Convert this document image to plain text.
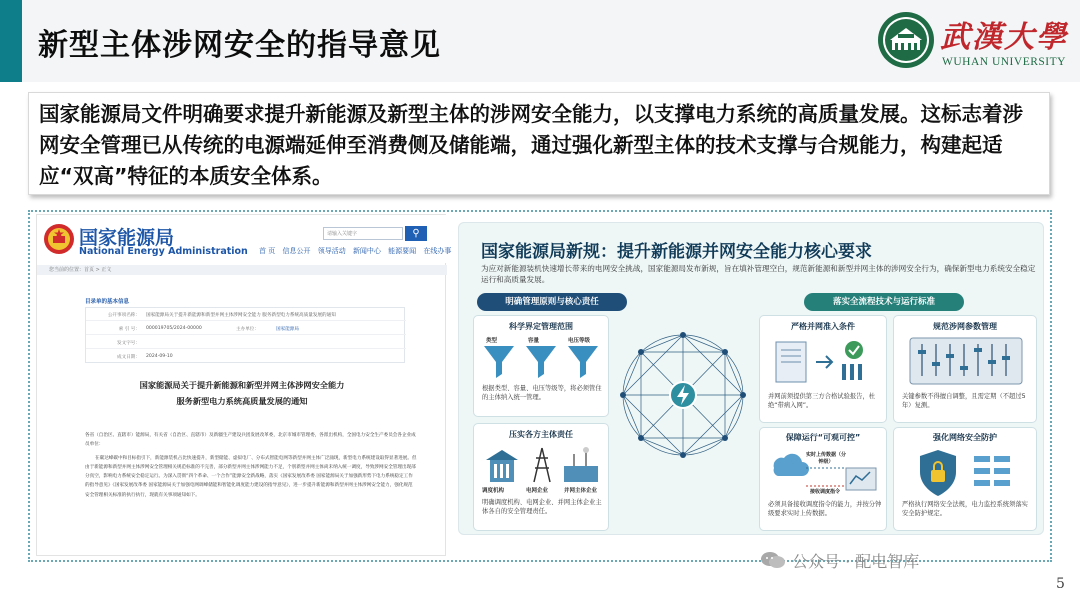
新型主体涉网安全的指导意见	武漢大學
WUHAN UNIVERSITY
国家能源局文件明确要求提升新能源及新型主体的涉网安全能力，以支撑电力系统的高质量发展。这标志着涉网安全管理已从传统的电源端延伸至消费侧及储能端，通过强化新型主体的技术支撑与合规能力，构建起适应“双高”特征的本质安全体系。
国家能源局
National Energy Administration
请输入关键字	⚲
首 页 信息公开 领导活动 新闻中心 能源要闻 在线办事
您当前的位置：首页 > 正文
目录单的基本信息
公开事项名称： 国家能源局关于提升新能源和新型并网主体涉网安全能力 服务新型电力系统高质量发展的通知
索 引 号： 000019705/2024-00000	主办单位：	国家能源局
发文字号：
成文日期： 2024-09-10
国家能源局关于提升新能源和新型并网主体涉网安全能力
服务新型电力系统高质量发展的通知

各省（自治区、直辖市）能源局，有关省（自治区、直辖市）及新疆生产建设兵团发展改革委，北京市城市管理委，各派出机构，全国电力安全生产委员会各企业成员单位：

在碳达峰碳中和目标指引下，新能源装机占比快速提升，新型储能、虚拟电厂、分布式智能电网等新型并网主体广泛涌现，新型电力系统建设取得显著进展。但由于新能源和新型并网主体涉网安全管理相关规范标准的不完善，部分新型并网主体涉网能力不足，个别新型并网主体尚未纳入统一调度，导致涉网安全管理出现部分真空，影响电力系统安全稳定运行。为深入贯彻“四个革命、一个合作”能源安全新战略，落实《国家发展改革委 国家能源局关于加强新形势下电力系统稳定工作的指导意见》《国家发展改革委 国家能源局关于加强电网调峰储能和智能化调度能力建设的指导意见》，进一步提升新能源和新型并网主体涉网安全能力，强化规范安全管理相关标准的执行执行，现就有关事项通知如下。

国家能源局新规：提升新能源并网安全能力核心要求
为应对新能源装机快速增长带来的电网安全挑战，国家能源局发布新规，旨在填补管理空白，规范新能源和新型并网主体的涉网安全行为，确保新型电力系统安全稳定运行和高质量发展。
明确管理原则与核心责任	落实全流程技术与运行标准
科学界定管理范围
类型	容量	电压等级
根据类型、容量、电压等级等，将必须管住的主体纳入统一管理。
压实各方主体责任
调度机构	电网企业	并网主体企业
明确调度机构、电网企业、并网主体企业主体各自的安全管理责任。
严格并网准入条件
并网前须提供第三方合格试验报告，杜绝“带病入网”。
规范涉网参数管理
关键参数不得擅自调整，且需定期（不超过5年）复测。
保障运行“可观可控”
实时上传数据（分钟级）
接收调度指令
必须具备接收调度指令的能力，并按分钟级要求实时上传数据。
强化网络安全防护
严格执行网络安全法规，电力监控系统须落实安全防护规定。
公众号 · 配电智库
5
